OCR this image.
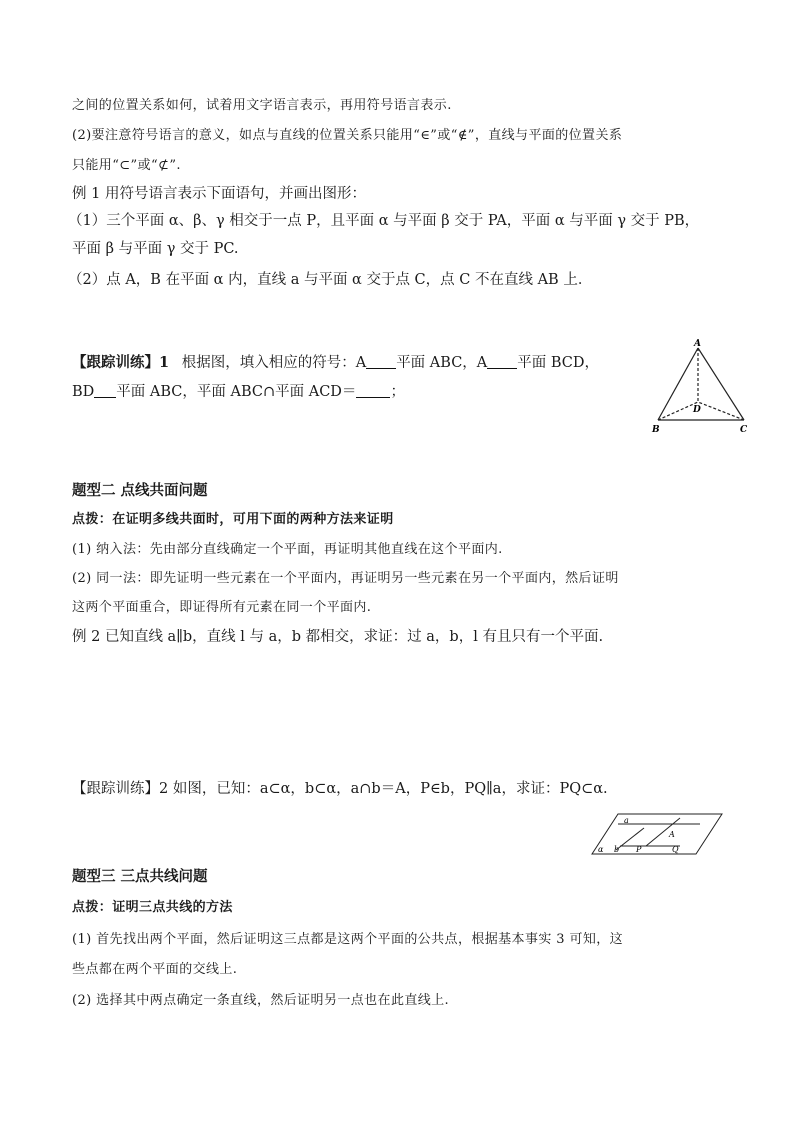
之间的位置关系如何，试着用文字语言表示，再用符号语言表示.
(2)要注意符号语言的意义，如点与直线的位置关系只能用“∈”或“∉”，直线与平面的位置关系
只能用“⊂”或“⊄”.
例 1 用符号语言表示下面语句，并画出图形：
（1）三个平面 α、β、γ 相交于一点 P，且平面 α 与平面 β 交于 PA，平面 α 与平面 γ 交于 PB，
平面 β 与平面 γ 交于 PC.
（2）点 A，B 在平面 α 内，直线 a 与平面 α 交于点 C，点 C 不在直线 AB 上．
【跟踪训练】1 根据图，填入相应的符号：A 平面 ABC，A 平面 BCD，
BD 平面 ABC，平面 ABC∩平面 ACD＝ ；
A
B	C
D
题型二 点线共面问题
点拨：在证明多线共面时，可用下面的两种方法来证明
(1) 纳入法：先由部分直线确定一个平面，再证明其他直线在这个平面内.
(2) 同一法：即先证明一些元素在一个平面内，再证明另一些元素在另一个平面内，然后证明
这两个平面重合，即证得所有元素在同一个平面内.
例 2 已知直线 a∥b，直线 l 与 a，b 都相交，求证：过 a，b，l 有且只有一个平面.
【跟踪训练】2 如图，已知：a⊂α，b⊂α，a∩b＝A，P∈b，PQ∥a，求证：PQ⊂α.
a
A
α b P	Q
题型三 三点共线问题
点拨：证明三点共线的方法
(1) 首先找出两个平面，然后证明这三点都是这两个平面的公共点，根据基本事实 3 可知，这
些点都在两个平面的交线上.
(2) 选择其中两点确定一条直线，然后证明另一点也在此直线上.
